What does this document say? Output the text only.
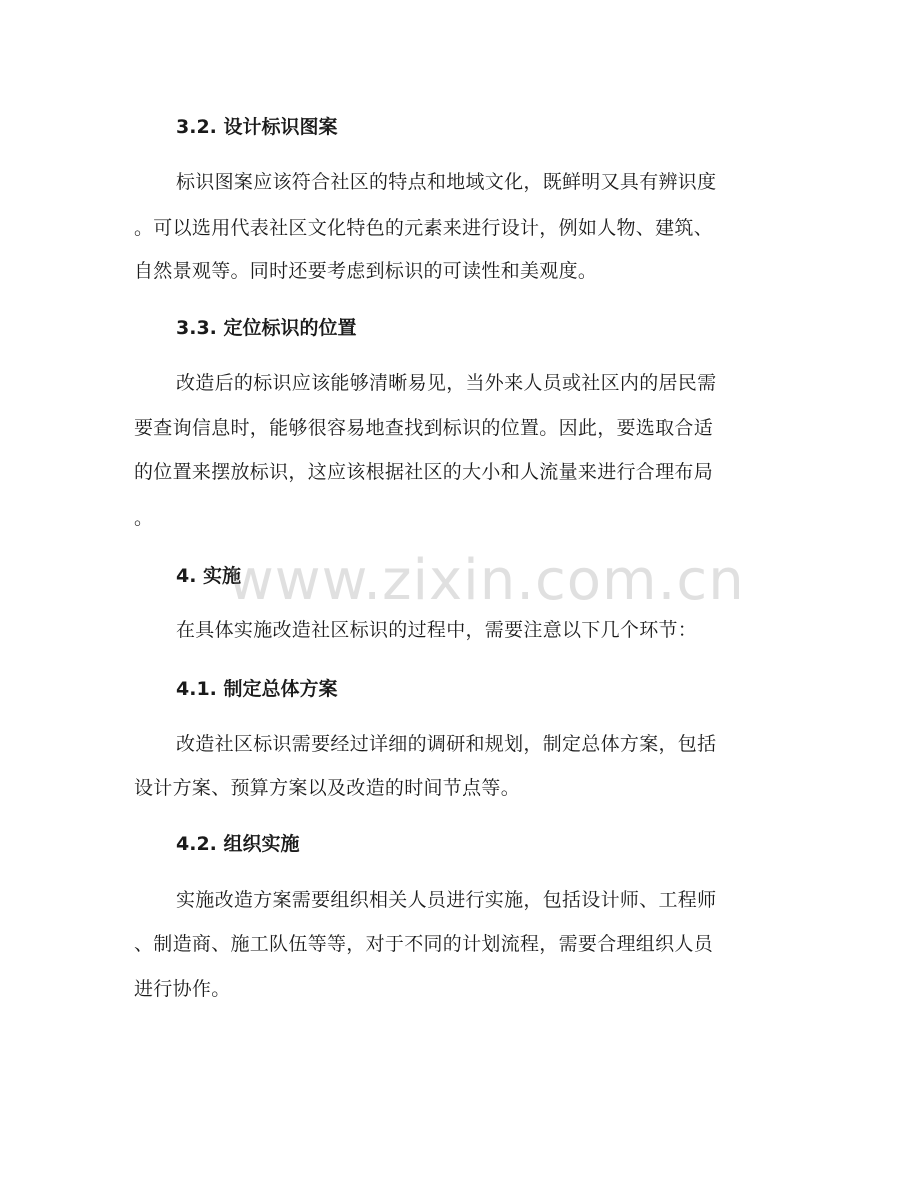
3.2. 设计标识图案
标识图案应该符合社区的特点和地域文化，既鲜明又具有辨识度
。可以选用代表社区文化特色的元素来进行设计，例如人物、建筑、
自然景观等。同时还要考虑到标识的可读性和美观度。
3.3. 定位标识的位置
改造后的标识应该能够清晰易见，当外来人员或社区内的居民需
要查询信息时，能够很容易地查找到标识的位置。因此，要选取合适
的位置来摆放标识，这应该根据社区的大小和人流量来进行合理布局
。
4. 实施
在具体实施改造社区标识的过程中，需要注意以下几个环节：
4.1. 制定总体方案
改造社区标识需要经过详细的调研和规划，制定总体方案，包括
设计方案、预算方案以及改造的时间节点等。
4.2. 组织实施
实施改造方案需要组织相关人员进行实施，包括设计师、工程师
、制造商、施工队伍等等，对于不同的计划流程，需要合理组织人员
进行协作。
www.zixin.com.cn
